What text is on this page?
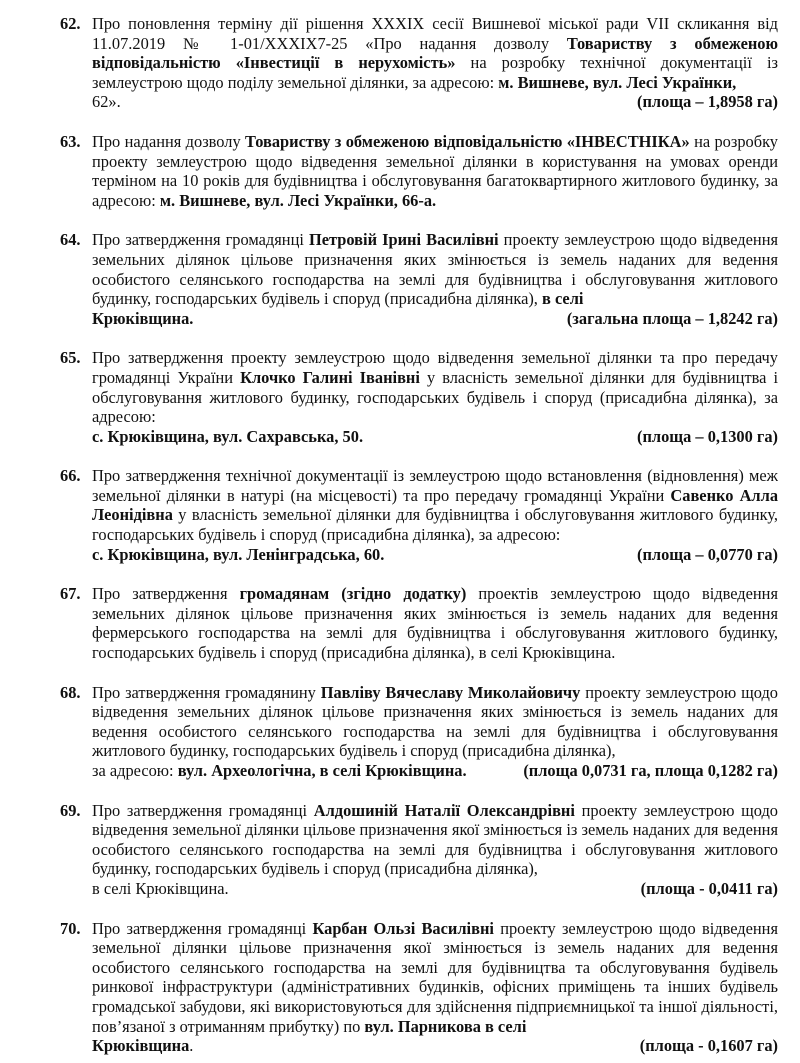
62. Про поновлення терміну дії рішення XXXIX сесії Вишневої міської ради VII скликання від 11.07.2019 № 1-01/XXXIX7-25 «Про надання дозволу Товариству з обмеженою відповідальністю «Інвестиції в нерухомість» на розробку технічної документації із землеустрою щодо поділу земельної ділянки, за адресою: м. Вишневе, вул. Лесі Українки,
62».	(площа – 1,8958 га)
63. Про надання дозволу Товариству з обмеженою відповідальністю «ІНВЕСТНІКА» на розробку проекту землеустрою щодо відведення земельної ділянки в користування на умовах оренди терміном на 10 років для будівництва і обслуговування багатоквартирного житлового будинку, за адресою: м. Вишневе, вул. Лесі Українки, 66-а.
64. Про затвердження громадянці Петровій Ірині Василівні проекту землеустрою щодо відведення земельних ділянок цільове призначення яких змінюється із земель наданих для ведення особистого селянського господарства на землі для будівництва і обслуговування житлового будинку, господарських будівель і споруд (присадибна ділянка), в селі
Крюківщина.	(загальна площа – 1,8242 га)
65. Про затвердження проекту землеустрою щодо відведення земельної ділянки та про передачу громадянці України Клочко Галині Іванівні у власність земельної ділянки для будівництва і обслуговування житлового будинку, господарських будівель і споруд (присадибна ділянка), за адресою:
с. Крюківщина, вул. Сахравська, 50.	(площа – 0,1300 га)
66. Про затвердження технічної документації із землеустрою щодо встановлення (відновлення) меж земельної ділянки в натурі (на місцевості) та про передачу громадянці України Савенко Алла Леонідівна у власність земельної ділянки для будівництва і обслуговування житлового будинку, господарських будівель і споруд (присадибна ділянка), за адресою:
с. Крюківщина, вул. Ленінградська, 60.	(площа – 0,0770 га)
67. Про затвердження громадянам (згідно додатку) проектів землеустрою щодо відведення земельних ділянок цільове призначення яких змінюється із земель наданих для ведення фермерського господарства на землі для будівництва і обслуговування житлового будинку, господарських будівель і споруд (присадибна ділянка), в селі Крюківщина.
68. Про затвердження громадянину Павліву Вячеславу Миколайовичу проекту землеустрою щодо відведення земельних ділянок цільове призначення яких змінюється із земель наданих для ведення особистого селянського господарства на землі для будівництва і обслуговування житлового будинку, господарських будівель і споруд (присадибна ділянка),
за адресою: вул. Археологічна, в селі Крюківщина.	(площа 0,0731 га, площа 0,1282 га)
69. Про затвердження громадянці Алдошиній Наталії Олександрівні проекту землеустрою щодо відведення земельної ділянки цільове призначення якої змінюється із земель наданих для ведення особистого селянського господарства на землі для будівництва і обслуговування житлового будинку, господарських будівель і споруд (присадибна ділянка),
в селі Крюківщина.	(площа - 0,0411 га)
70. Про затвердження громадянці Карбан Ользі Василівні проекту землеустрою щодо відведення земельної ділянки цільове призначення якої змінюється із земель наданих для ведення особистого селянського господарства на землі для будівництва та обслуговування будівель ринкової інфраструктури (адміністративних будинків, офісних приміщень та інших будівель громадської забудови, які використовуються для здійснення підприємницької та іншої діяльності, пов’язаної з отриманням прибутку) по вул. Парникова в селі
Крюківщина.	(площа - 0,1607 га)
